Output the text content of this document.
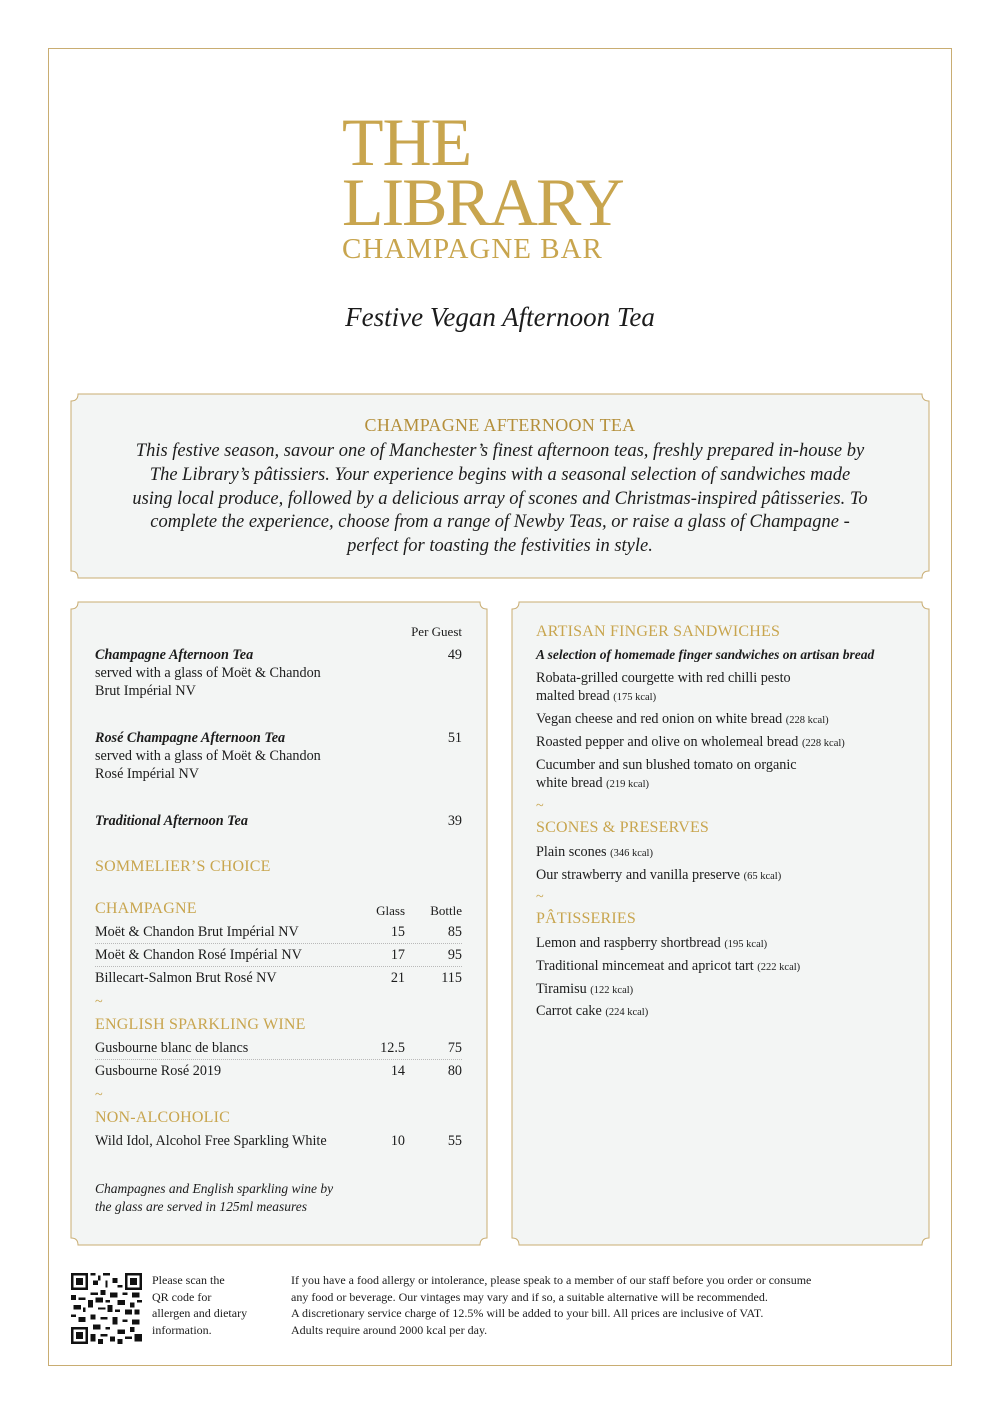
THE
LIBRARY
CHAMPAGNE BAR
Festive Vegan Afternoon Tea
CHAMPAGNE AFTERNOON TEA
This festive season, savour one of Manchester’s finest afternoon teas, freshly prepared in-house by The Library’s pâtissiers. Your experience begins with a seasonal selection of sandwiches made using local produce, followed by a delicious array of scones and Christmas-inspired pâtisseries. To complete the experience, choose from a range of Newby Teas, or raise a glass of Champagne - perfect for toasting the festivities in style.
Per Guest
Champagne Afternoon Tea	49
served with a glass of Moët & Chandon
Brut Impérial NV
Rosé Champagne Afternoon Tea	51
served with a glass of Moët & Chandon
Rosé Impérial NV
Traditional Afternoon Tea	39
SOMMELIER’S CHOICE
CHAMPAGNE	Glass	Bottle
Moët & Chandon Brut Impérial NV	15	85
Moët & Chandon Rosé Impérial NV	17	95
Billecart-Salmon Brut Rosé NV	21	115
~
ENGLISH SPARKLING WINE
Gusbourne blanc de blancs	12.5	75
Gusbourne Rosé 2019	14	80
~
NON-ALCOHOLIC
Wild Idol, Alcohol Free Sparkling White	10	55
Champagnes and English sparkling wine by
the glass are served in 125ml measures
ARTISAN FINGER SANDWICHES
A selection of homemade finger sandwiches on artisan bread
Robata-grilled courgette with red chilli pesto
malted bread (175 kcal)
Vegan cheese and red onion on white bread (228 kcal)
Roasted pepper and olive on wholemeal bread (228 kcal)
Cucumber and sun blushed tomato on organic
white bread (219 kcal)
~
SCONES & PRESERVES
Plain scones (346 kcal)
Our strawberry and vanilla preserve (65 kcal)
~
PÂTISSERIES
Lemon and raspberry shortbread (195 kcal)
Traditional mincemeat and apricot tart (222 kcal)
Tiramisu (122 kcal)
Carrot cake (224 kcal)
Please scan the
QR code for
allergen and dietary
information.
If you have a food allergy or intolerance, please speak to a member of our staff before you order or consume
any food or beverage. Our vintages may vary and if so, a suitable alternative will be recommended.
A discretionary service charge of 12.5% will be added to your bill. All prices are inclusive of VAT.
Adults require around 2000 kcal per day.
